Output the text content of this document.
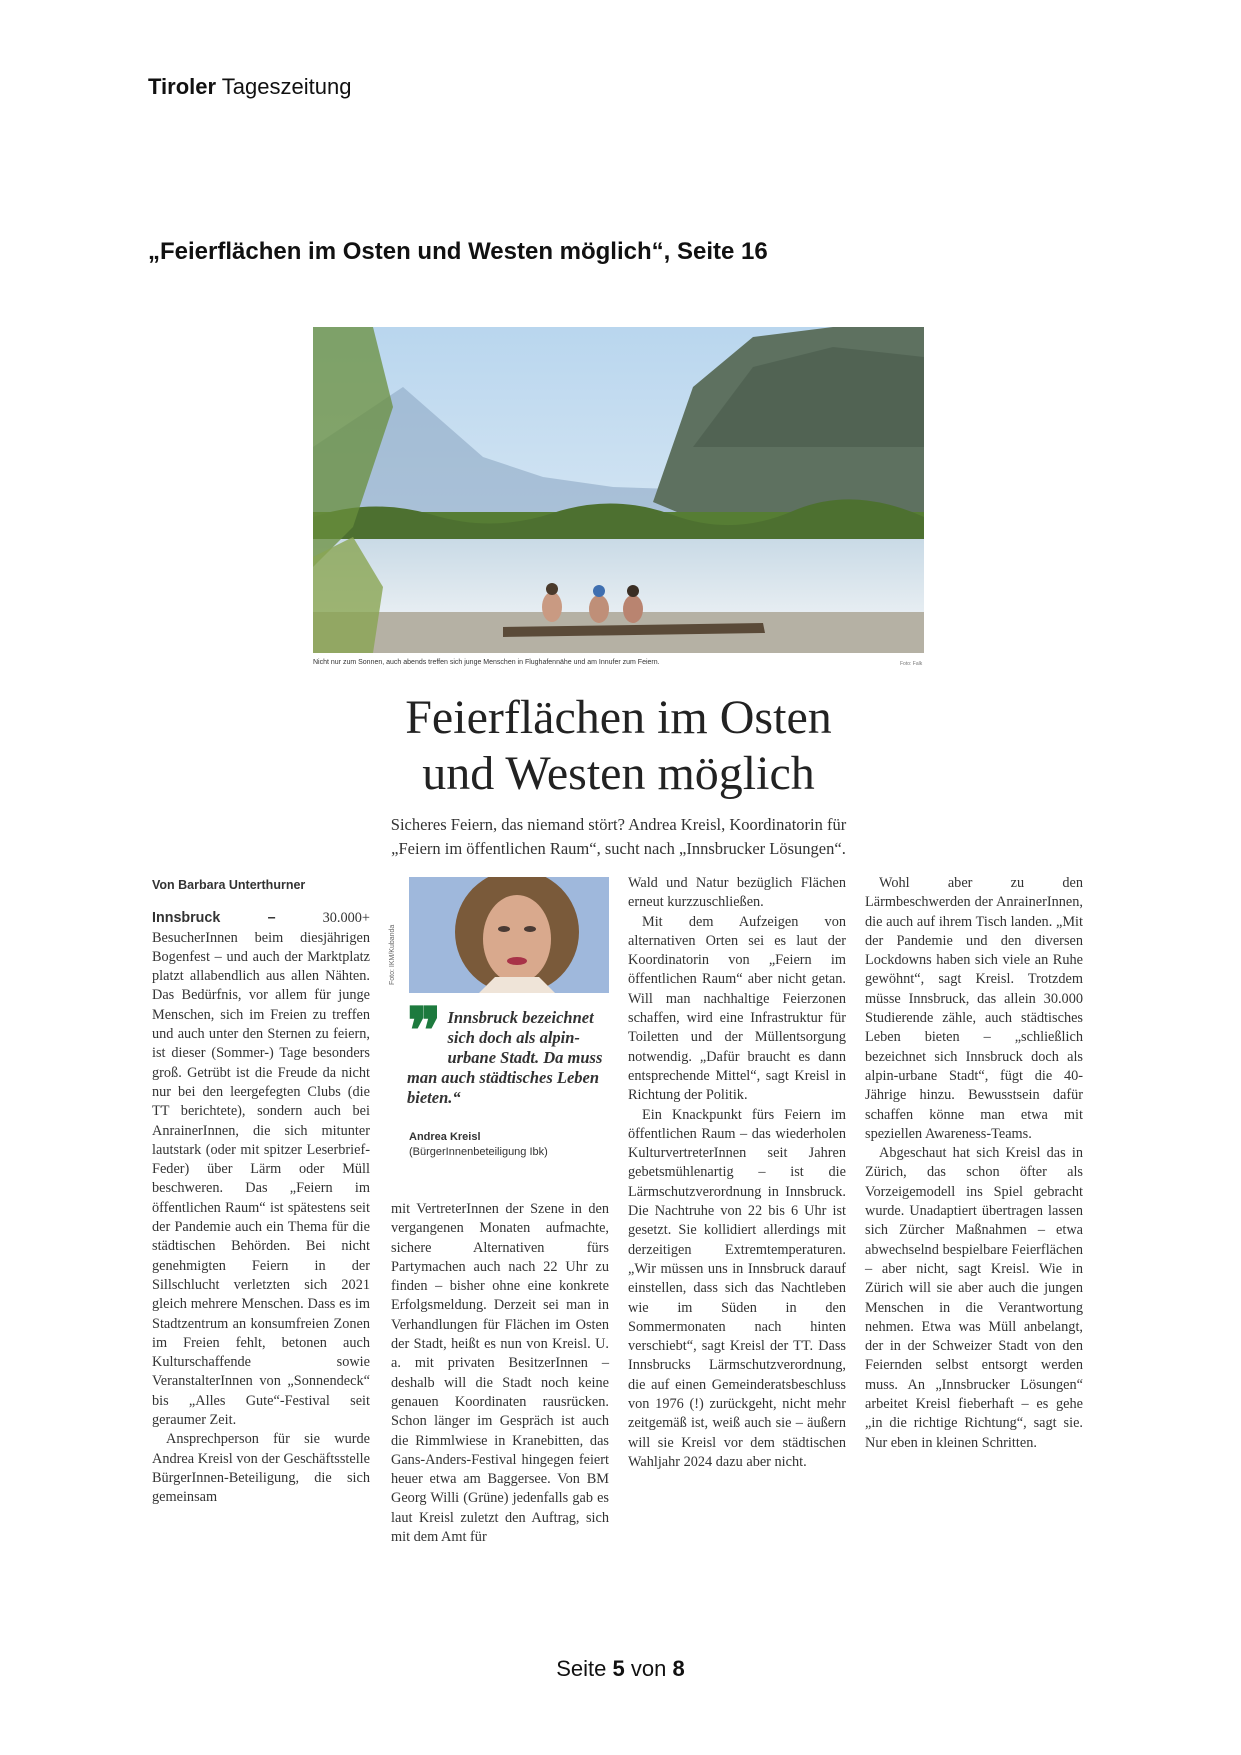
Tiroler Tageszeitung
„Feierflächen im Osten und Westen möglich“, Seite 16
Nicht nur zum Sonnen, auch abends treffen sich junge Menschen in Flughafennähe und am Innufer zum Feiern.	Foto: Falk
Feierflächen im Osten
und Westen möglich
Sicheres Feiern, das niemand stört? Andrea Kreisl, Koordinatorin für
„Feiern im öffentlichen Raum“, sucht nach „Innsbrucker Lösungen“.
Von Barbara Unterthurner

Innsbruck –	30.000+ BesucherInnen beim diesjährigen Bogenfest – und auch der Marktplatz platzt allabendlich aus allen Nähten. Das Bedürfnis, vor allem für junge Menschen, sich im Freien zu treffen und auch unter den Sternen zu feiern, ist dieser (Sommer-) Tage besonders groß. Getrübt ist die Freude da nicht nur bei den leergefegten Clubs (die TT berichtete), sondern auch bei AnrainerInnen, die sich mitunter lautstark (oder mit spitzer Leserbrief-Feder) über Lärm oder Müll beschweren. Das „Feiern im öffentlichen Raum“ ist spätestens seit der Pandemie auch ein Thema für die städtischen Behörden. Bei nicht genehmigten Feiern in der Sillschlucht verletzten sich 2021 gleich mehrere Menschen. Dass es im Stadtzentrum an konsumfreien Zonen im Freien fehlt, betonen auch Kulturschaffende sowie VeranstalterInnen von „Sonnendeck“ bis „Alles Gute“-Festival seit geraumer Zeit.

Ansprechperson für sie wurde Andrea Kreisl von der Geschäftsstelle BürgerInnen-Beteiligung, die sich gemeinsam

Foto: IKM/Kubanda
❞ Innsbruck bezeichnet sich doch als alpin-urbane Stadt. Da muss man auch städtisches Leben bieten.“
Andrea Kreisl
(BürgerInnenbeteiligung Ibk)

mit VertreterInnen der Szene in den vergangenen Monaten aufmachte, sichere Alternativen fürs Partymachen auch nach 22 Uhr zu finden – bisher ohne eine konkrete Erfolgsmeldung. Derzeit sei man in Verhandlungen für Flächen im Osten der Stadt, heißt es nun von Kreisl. U. a. mit privaten BesitzerInnen – deshalb will die Stadt noch keine genauen Koordinaten rausrücken. Schon länger im Gespräch ist auch die Rimmlwiese in Kranebitten, das Gans-Anders-Festival hingegen feiert heuer etwa am Baggersee. Von BM Georg Willi (Grüne) jedenfalls gab es laut Kreisl zuletzt den Auftrag, sich mit dem Amt für

Wald und Natur bezüglich Flächen erneut kurzzuschließen.

Mit dem Aufzeigen von alternativen Orten sei es laut der Koordinatorin von „Feiern im öffentlichen Raum“ aber nicht getan. Will man nachhaltige Feierzonen schaffen, wird eine Infrastruktur für Toiletten und der Müllentsorgung notwendig. „Dafür braucht es dann entsprechende Mittel“, sagt Kreisl in Richtung der Politik.

Ein Knackpunkt fürs Feiern im öffentlichen Raum – das wiederholen KulturvertreterInnen seit Jahren gebetsmühlenartig – ist die Lärmschutzverordnung in Innsbruck. Die Nachtruhe von 22 bis 6 Uhr ist gesetzt. Sie kollidiert allerdings mit derzeitigen Extremtemperaturen. „Wir müssen uns in Innsbruck darauf einstellen, dass sich das Nachtleben wie im Süden in den Sommermonaten nach hinten verschiebt“, sagt Kreisl der TT. Dass Innsbrucks Lärmschutzverordnung, die auf einen Gemeinderatsbeschluss von 1976 (!) zurückgeht, nicht mehr zeitgemäß ist, weiß auch sie – äußern will sie Kreisl vor dem städtischen Wahljahr 2024 dazu aber nicht.

Wohl aber zu den Lärmbeschwerden der AnrainerInnen, die auch auf ihrem Tisch landen. „Mit der Pandemie und den diversen Lockdowns haben sich viele an Ruhe gewöhnt“, sagt Kreisl. Trotzdem müsse Innsbruck, das allein 30.000 Studierende zähle, auch städtisches Leben bieten – „schließlich bezeichnet sich Innsbruck doch als alpin-urbane Stadt“, fügt die 40-Jährige hinzu. Bewusstsein dafür schaffen könne man etwa mit speziellen Awareness-Teams.

Abgeschaut hat sich Kreisl das in Zürich, das schon öfter als Vorzeigemodell ins Spiel gebracht wurde. Unadaptiert übertragen lassen sich Zürcher Maßnahmen – etwa abwechselnd bespielbare Feierflächen – aber nicht, sagt Kreisl. Wie in Zürich will sie aber auch die jungen Menschen in die Verantwortung nehmen. Etwa was Müll anbelangt, der in der Schweizer Stadt von den Feiernden selbst entsorgt werden muss. An „Innsbrucker Lösungen“ arbeitet Kreisl fieberhaft – es gehe „in die richtige Richtung“, sagt sie. Nur eben in kleinen Schritten.

Seite 5 von 8
